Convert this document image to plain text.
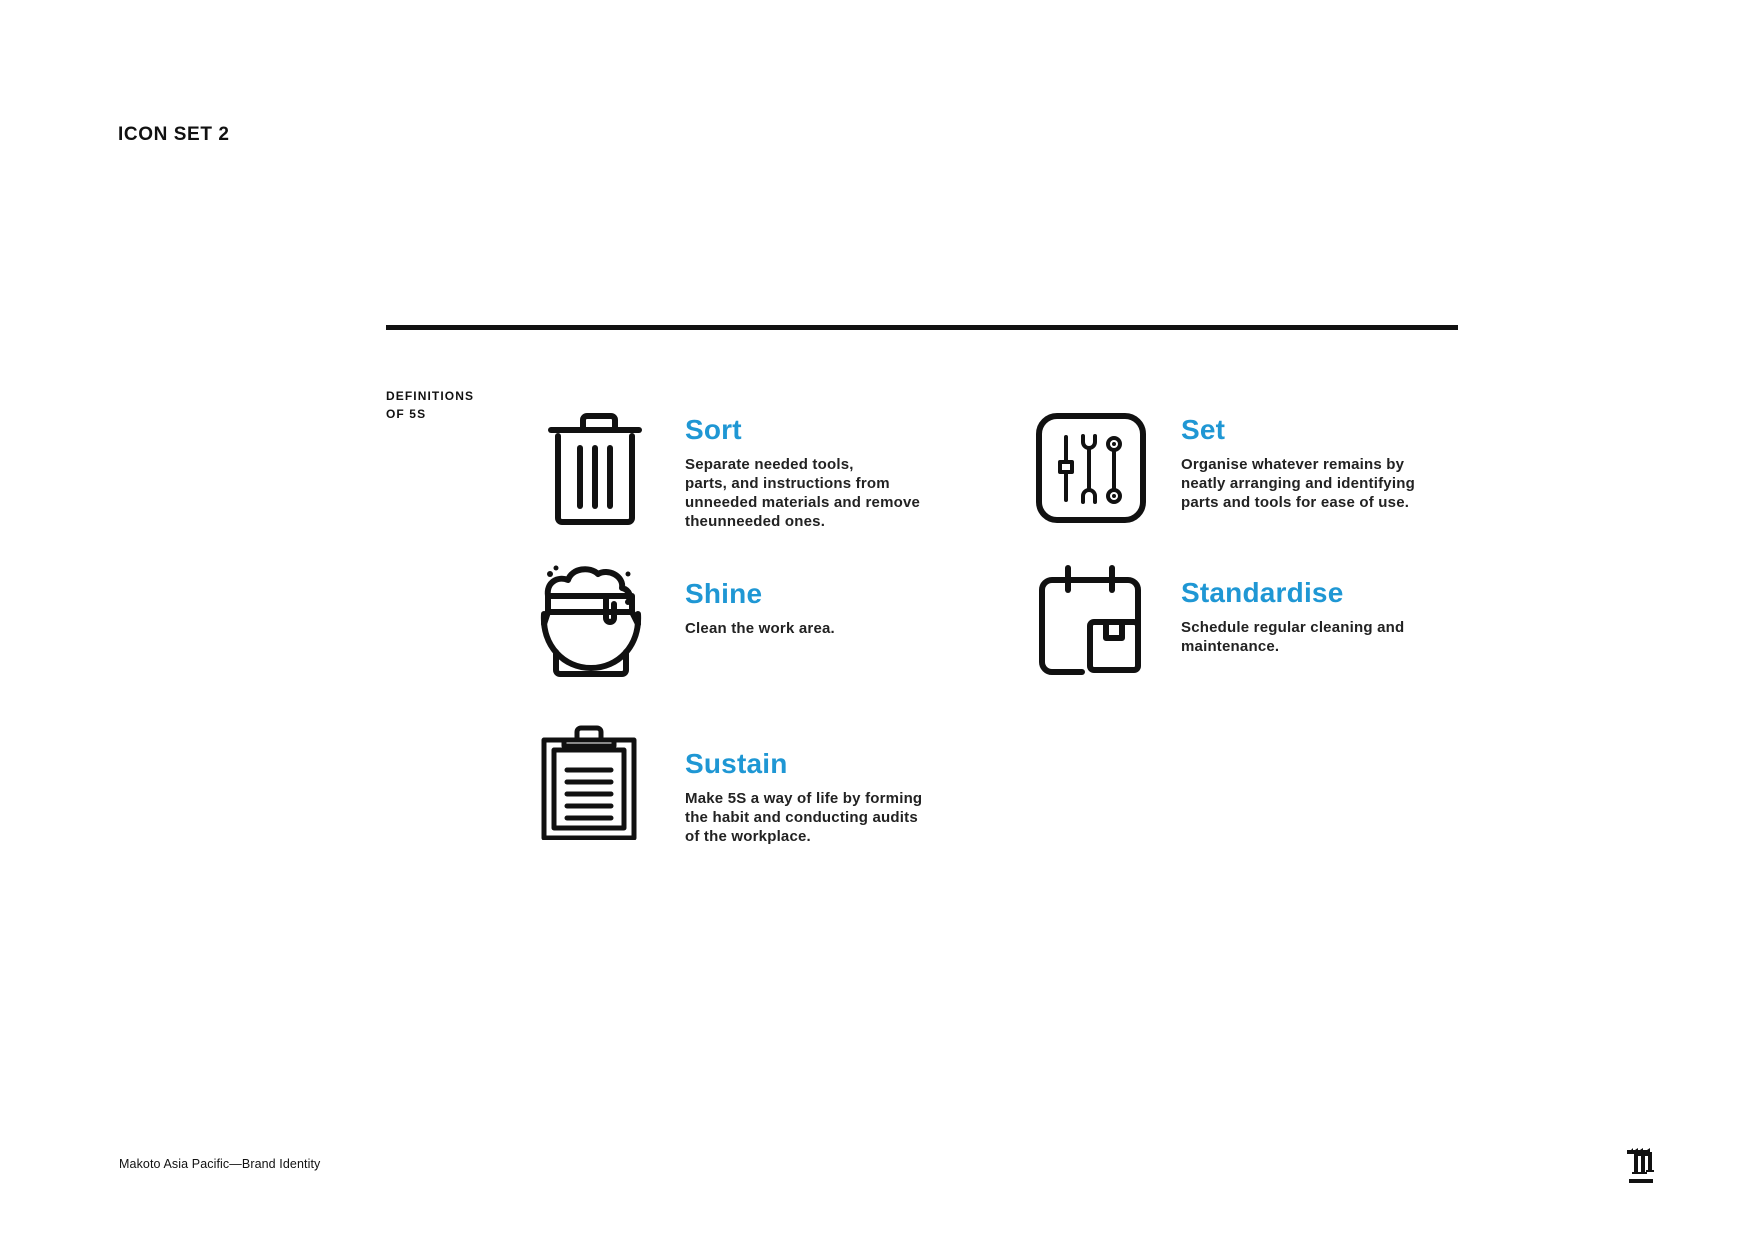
ICON SET 2
DEFINITIONS
OF 5S	Sort
Separate needed tools,
parts, and instructions from
unneeded materials and remove
theunneeded ones.
Set
Organise whatever remains by
neatly arranging and identifying
parts and tools for ease of use.
Shine
Clean the work area.
Standardise
Schedule regular cleaning and
maintenance.
Sustain
Make 5S a way of life by forming
the habit and conducting audits
of the workplace.
Makoto Asia Pacific—Brand Identity
